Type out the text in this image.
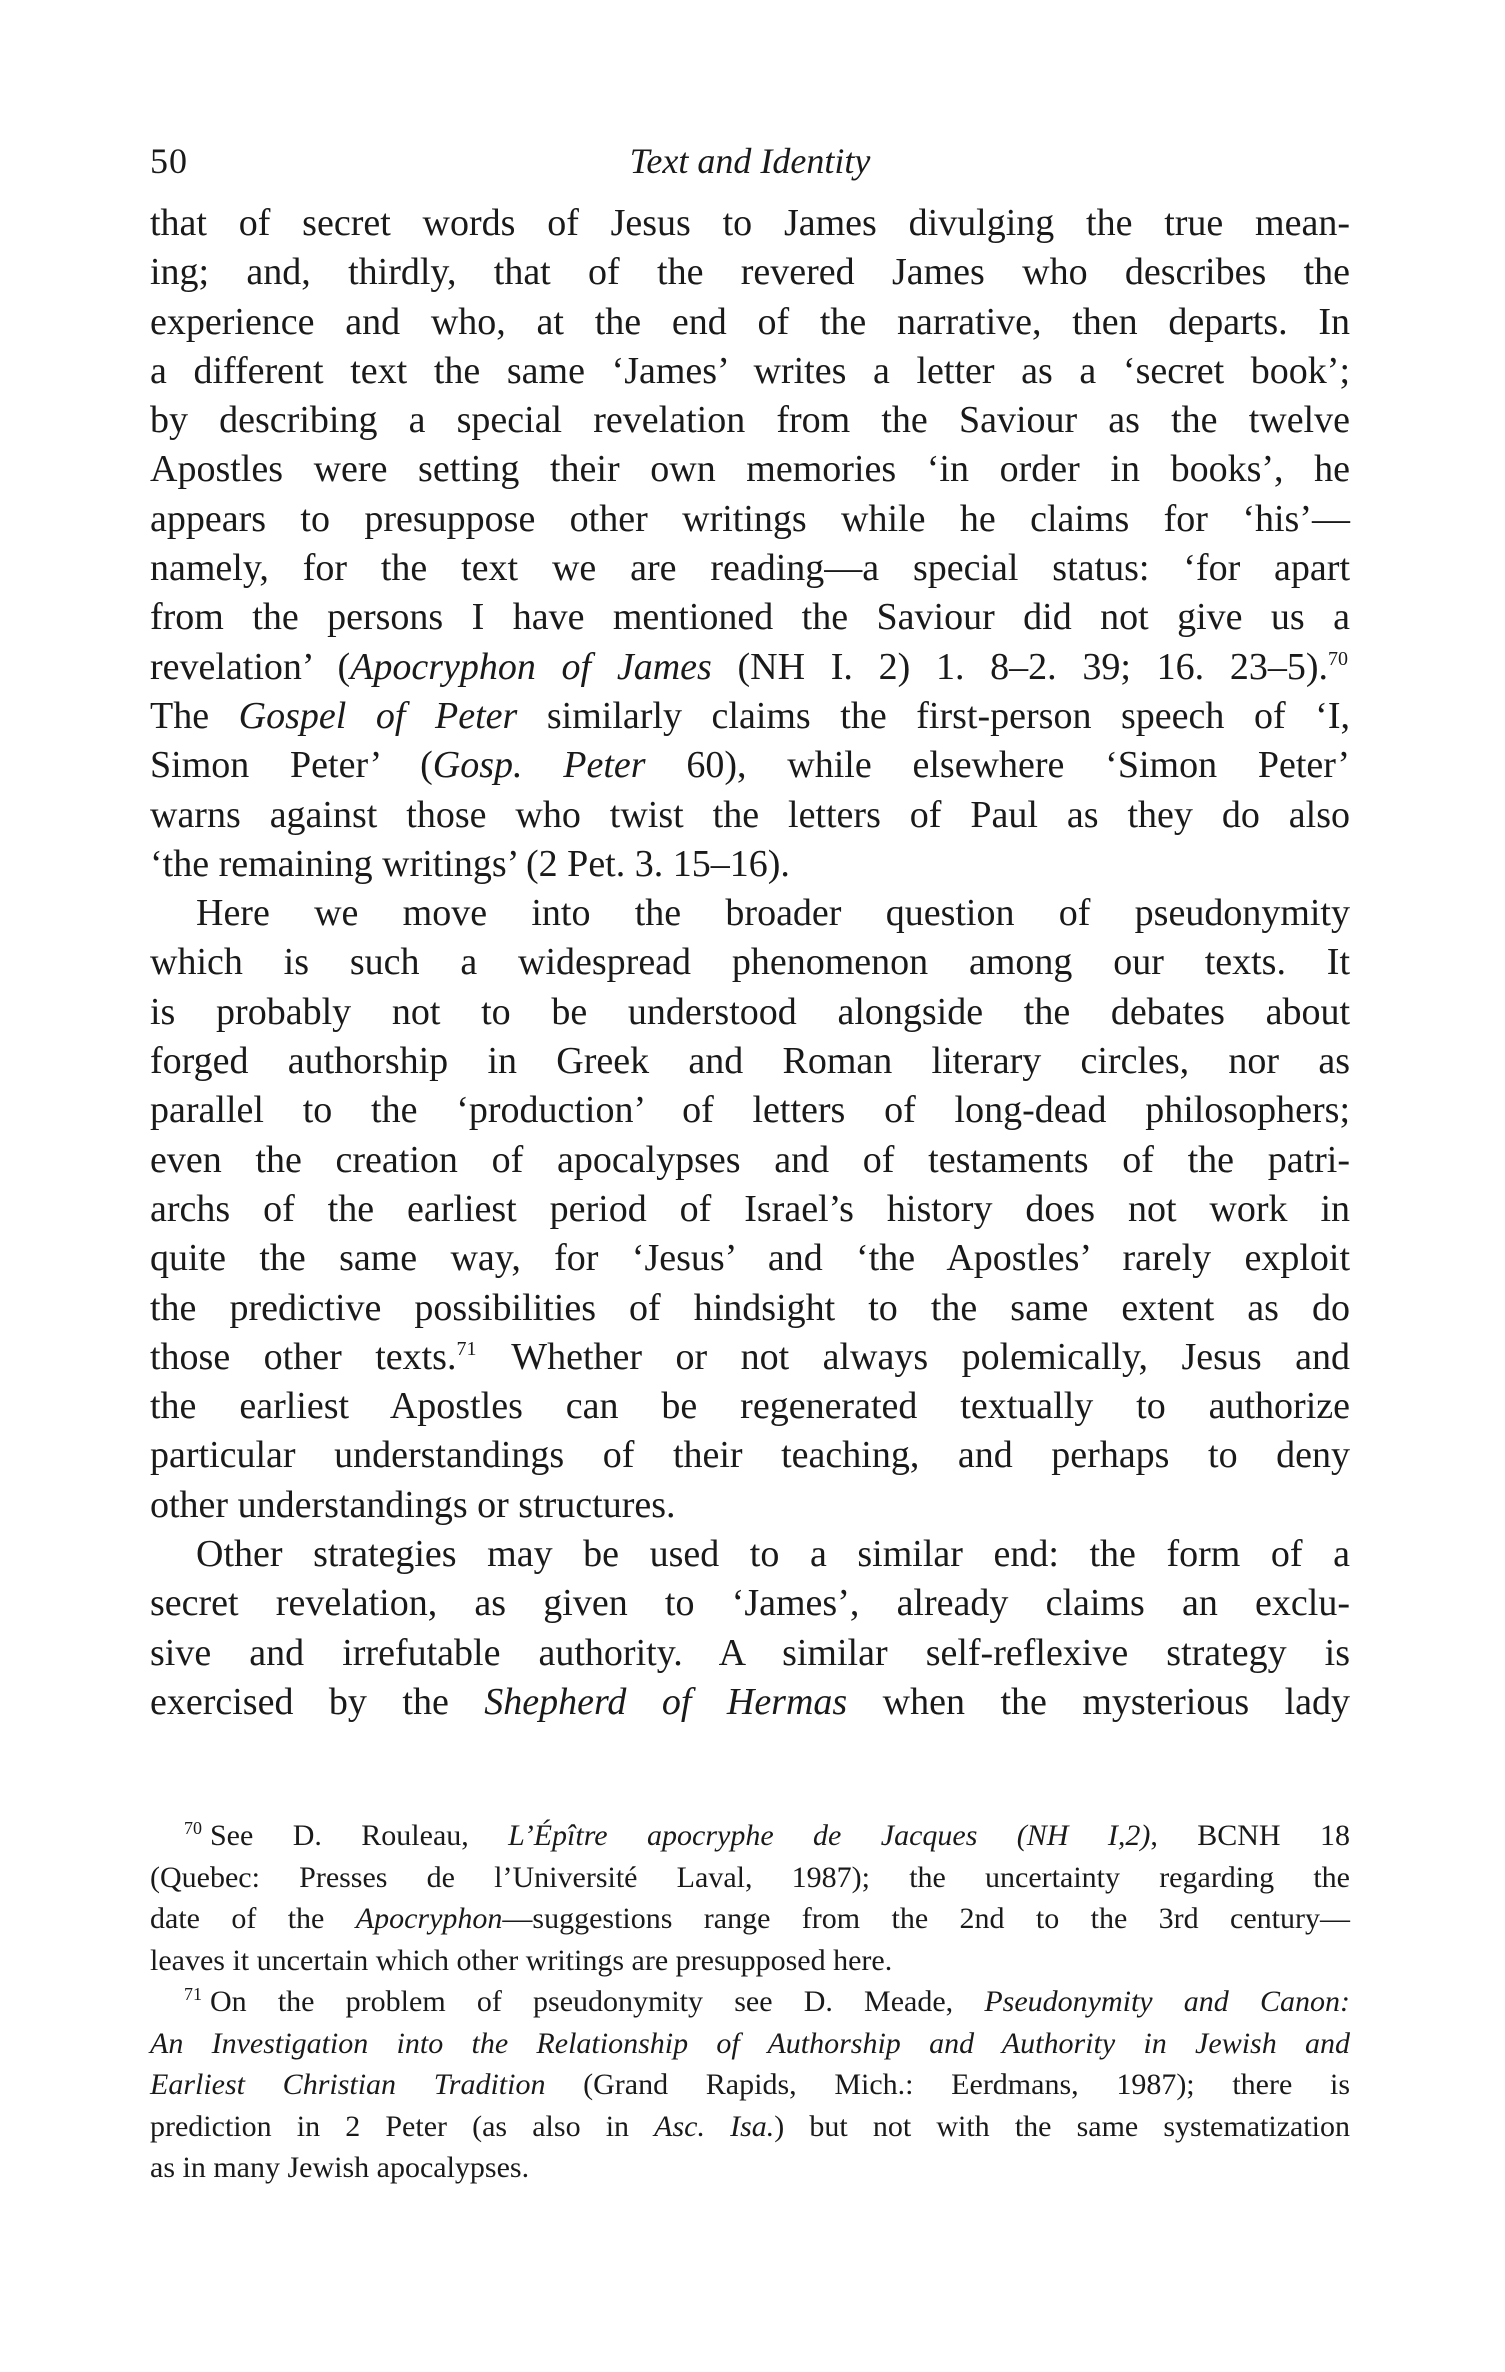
50	Text and Identity
that of secret words of Jesus to James divulging the true mean-
ing; and, thirdly, that of the revered James who describes the
experience and who, at the end of the narrative, then departs. In
a different text the same ‘James’ writes a letter as a ‘secret book’;
by describing a special revelation from the Saviour as the twelve
Apostles were setting their own memories ‘in order in books’, he
appears to presuppose other writings while he claims for ‘his’—
namely, for the text we are reading—a special status: ‘for apart
from the persons I have mentioned the Saviour did not give us a
revelation’ (Apocryphon of James (NH I. 2) 1. 8–2. 39; 16. 23–5).$^{70}$
The Gospel of Peter similarly claims the first-person speech of ‘I,
Simon Peter’ (Gosp. Peter 60), while elsewhere ‘Simon Peter’
warns against those who twist the letters of Paul as they do also
‘the remaining writings’ (2 Pet. 3. 15–16).
Here we move into the broader question of pseudonymity
which is such a widespread phenomenon among our texts. It
is probably not to be understood alongside the debates about
forged authorship in Greek and Roman literary circles, nor as
parallel to the ‘production’ of letters of long-dead philosophers;
even the creation of apocalypses and of testaments of the patri-
archs of the earliest period of Israel’s history does not work in
quite the same way, for ‘Jesus’ and ‘the Apostles’ rarely exploit
the predictive possibilities of hindsight to the same extent as do
those other texts.$^{71}$ Whether or not always polemically, Jesus and
the earliest Apostles can be regenerated textually to authorize
particular understandings of their teaching, and perhaps to deny
other understandings or structures.
Other strategies may be used to a similar end: the form of a
secret revelation, as given to ‘James’, already claims an exclu-
sive and irrefutable authority. A similar self-reflexive strategy is
exercised by the Shepherd of Hermas when the mysterious lady
$^{70}$ See D. Rouleau, L’Épître apocryphe de Jacques (NH I,2), BCNH 18
(Quebec: Presses de l’Université Laval, 1987); the uncertainty regarding the
date of the Apocryphon—suggestions range from the 2nd to the 3rd century—
leaves it uncertain which other writings are presupposed here.
$^{71}$ On the problem of pseudonymity see D. Meade, Pseudonymity and Canon:
An Investigation into the Relationship of Authorship and Authority in Jewish and
Earliest Christian Tradition (Grand Rapids, Mich.: Eerdmans, 1987); there is
prediction in 2 Peter (as also in Asc. Isa.) but not with the same systematization
as in many Jewish apocalypses.
